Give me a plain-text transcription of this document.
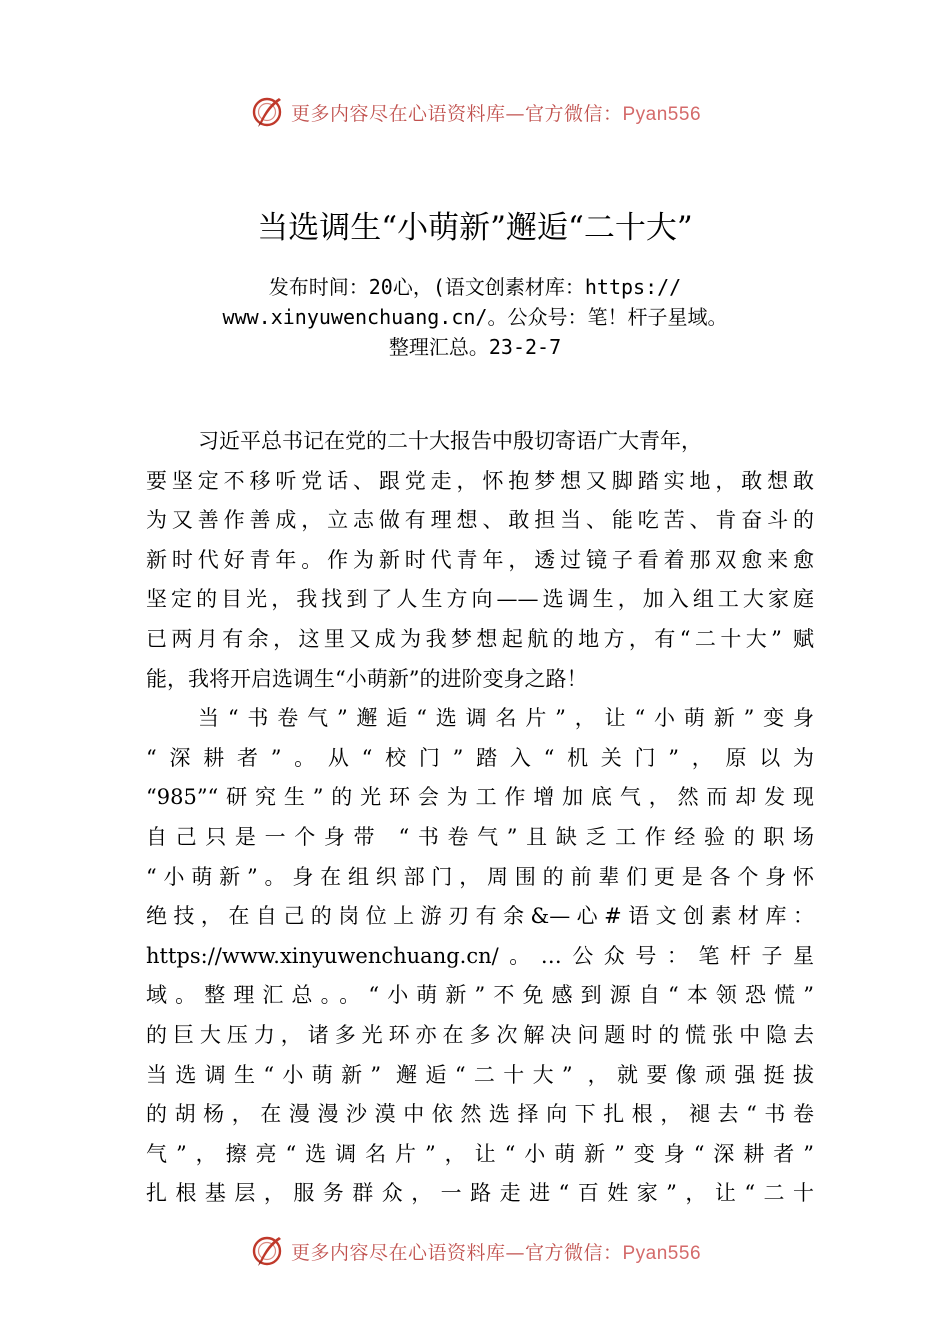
更多内容尽在心语资料库—官方微信：Pyan556
当选调生“小萌新”邂逅“二十大”
发布时间：20心，(语文创素材库：https://
www.xinyuwenchuang.cn/。公众号：笔！杆子星域。
整理汇总。23-2-7
习近平总书记在党的二十大报告中殷切寄语广大青年，
要坚定不移听党话、跟党走，怀抱梦想又脚踏实地，敢想敢
为又善作善成，立志做有理想、敢担当、能吃苦、肯奋斗的
新时代好青年。作为新时代青年，透过镜子看着那双愈来愈
坚定的目光，我找到了人生方向——选调生，加入组工大家庭
已两月有余，这里又成为我梦想起航的地方，有“二十大” 赋
能，我将开启选调生“小萌新”的进阶变身之路！
当“书卷气”邂逅“选调名片”，让“小萌新”变身
“深耕者”。从“校门”踏入“机关门”，原以为
“985”“研究生”的光环会为工作增加底气，然而却发现
自己只是一个身带 “书卷气”且缺乏工作经验的职场
“小萌新”。身在组织部门，周围的前辈们更是各个身怀
绝技，在自己的岗位上游刃有余&—心#语文创素材库：
https://www.xinyuwenchuang.cn/。…公众号：笔杆子星
域。整理汇总。。“小萌新”不免感到源自“本领恐慌”
的巨大压力，诸多光环亦在多次解决问题时的慌张中隐去
当选调生“小萌新” 邂逅“二十大” ，就要像顽强挺拔
的胡杨，在漫漫沙漠中依然选择向下扎根，褪去“书卷
气”，擦亮“选调名片”，让“小萌新”变身“深耕者”
扎根基层，服务群众，一路走进“百姓家”，让“二十
更多内容尽在心语资料库—官方微信：Pyan556
